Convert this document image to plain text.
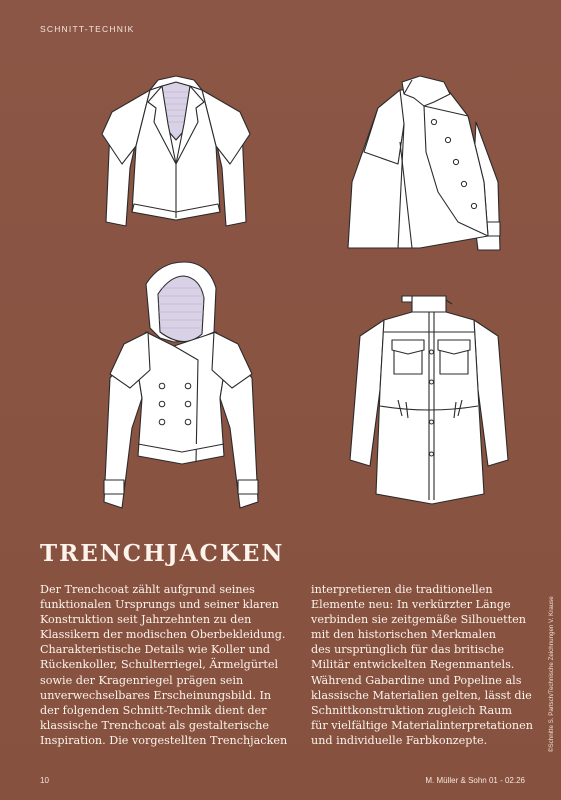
SCHNITT-TECHNIK
TRENCHJACKEN
Der Trenchcoat zählt aufgrund seines
funktionalen Ursprungs und seiner klaren
Konstruktion seit Jahrzehnten zu den
Klassikern der modischen Oberbekleidung.
Charakteristische Details wie Koller und
Rückenkoller, Schulterriegel, Ärmelgürtel
sowie der Kragenriegel prägen sein
unverwechselbares Erscheinungsbild. In
der folgenden Schnitt-Technik dient der
klassische Trenchcoat als gestalterische
Inspiration. Die vorgestellten Trenchjacken
interpretieren die traditionellen
Elemente neu: In verkürzter Länge
verbinden sie zeitgemäße Silhouetten
mit den historischen Merkmalen
des ursprünglich für das britische
Militär entwickelten Regenmantels.
Während Gabardine und Popeline als
klassische Materialien gelten, lässt die
Schnittkonstruktion zugleich Raum
für vielfältige Materialinterpretationen
und individuelle Farbkonzepte.	©Schnitte S. Partsch/Technische Zeichnungen V. Krause
10	M. Müller & Sohn 01 - 02.26
